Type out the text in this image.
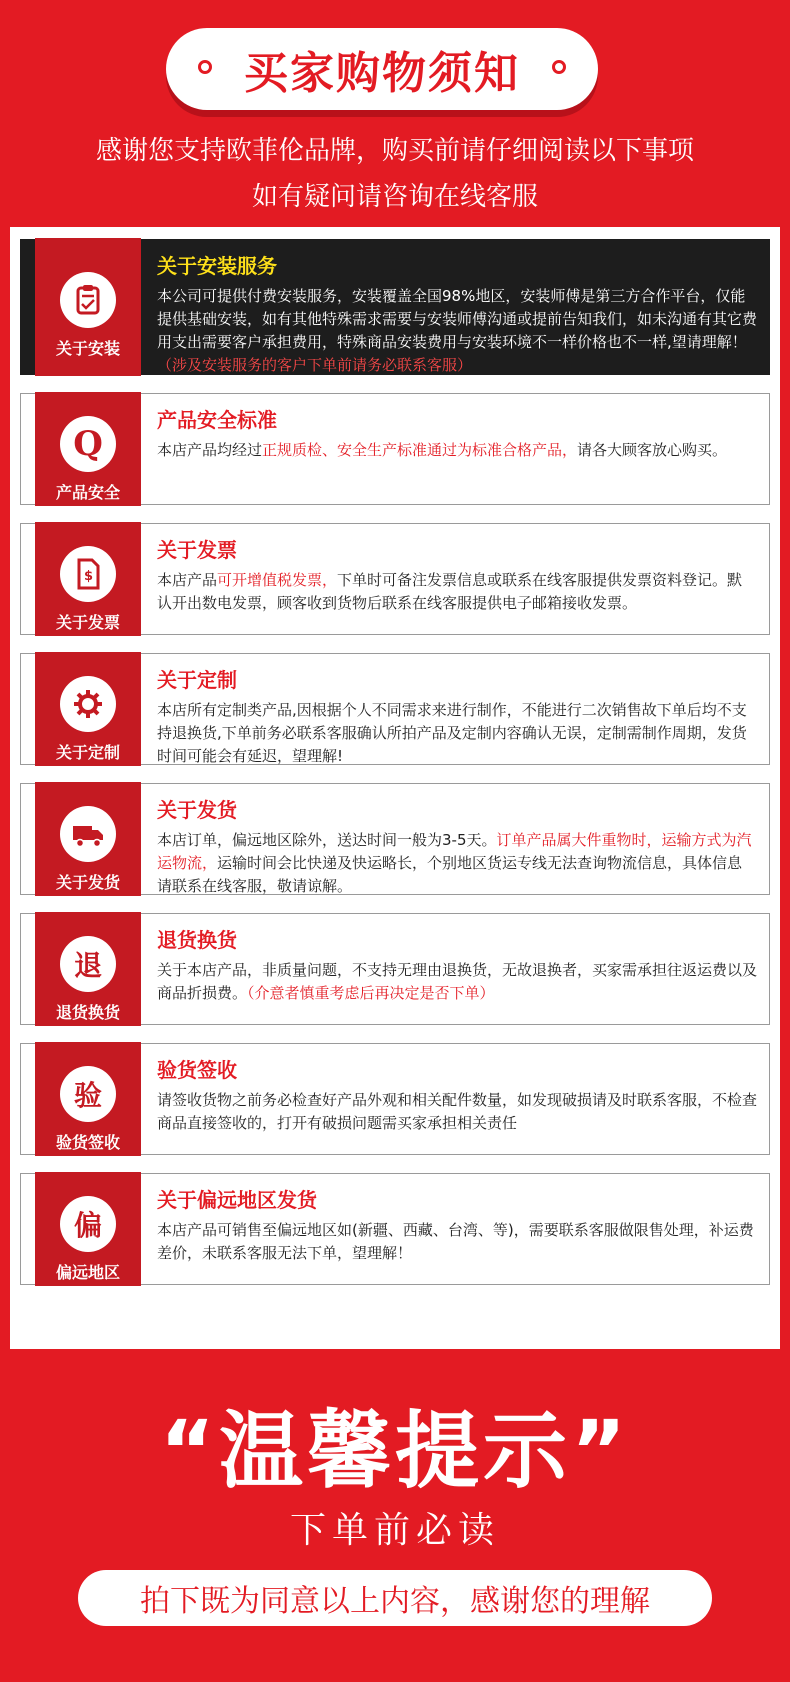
买家购物须知
感谢您支持欧菲伦品牌，购买前请仔细阅读以下事项
如有疑问请咨询在线客服
关于安装
关于安装服务
本公司可提供付费安装服务，安装覆盖全国98%地区，安装师傅是第三方合作平台，仅能提供基础安装，如有其他特殊需求需要与安装师傅沟通或提前告知我们，如未沟通有其它费用支出需要客户承担费用，特殊商品安装费用与安装环境不一样价格也不一样,望请理解！（涉及安装服务的客户下单前请务必联系客服）
Q
产品安全
产品安全标准
本店产品均经过正规质检、安全生产标准通过为标准合格产品，请各大顾客放心购买。
$
关于发票
关于发票
本店产品可开增值税发票，下单时可备注发票信息或联系在线客服提供发票资料登记。默认开出数电发票，顾客收到货物后联系在线客服提供电子邮箱接收发票。
关于定制
关于定制
本店所有定制类产品,因根据个人不同需求来进行制作，不能进行二次销售故下单后均不支持退换货,下单前务必联系客服确认所拍产品及定制内容确认无误，定制需制作周期，发货时间可能会有延迟，望理解!
关于发货
关于发货
本店订单，偏远地区除外，送达时间一般为3-5天。订单产品属大件重物时，运输方式为汽运物流，运输时间会比快递及快运略长，个别地区货运专线无法查询物流信息，具体信息请联系在线客服，敬请谅解。
退
退货换货
退货换货
关于本店产品，非质量问题，不支持无理由退换货，无故退换者，买家需承担往返运费以及商品折损费。（介意者慎重考虑后再决定是否下单）
验
验货签收
验货签收
请签收货物之前务必检查好产品外观和相关配件数量，如发现破损请及时联系客服，不检查商品直接签收的，打开有破损问题需买家承担相关责任
偏
偏远地区
关于偏远地区发货
本店产品可销售至偏远地区如(新疆、西藏、台湾、等)，需要联系客服做限售处理，补运费差价，未联系客服无法下单，望理解！
“温馨提示”
下单前必读
拍下既为同意以上内容，感谢您的理解
